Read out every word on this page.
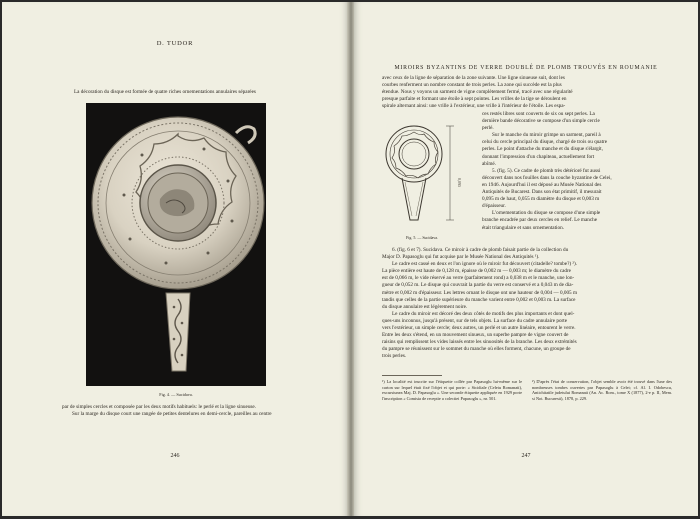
D. TUDOR
La décoration du disque est formée de quatre riches ornementations annulaires séparées
Fig. 4. — Sucidava.

par de simples cercles et composée par les deux motifs habituels: le perlé et la ligne sinueuse.

Sur la marge du disque court une rangée de petites dentelures en demi-cercle, pareilles au centre

246
MIROIRS BYZANTINS DE VERRE DOUBLÉ DE PLOMB TROUVÉS EN ROUMANIE

avec ceux de la ligne de séparation de la zone suivante. Une ligne sinueuse suit, dont les

courbes renferment un nombre constant de trois perles. La zone qui succède est la plus

étendue. Nous y voyons un sarment de vigne complètement fermé, tracé avec une régularité

presque parfaite et formant une étoile à sept pointes. Les vrilles de la tige se déroulent en

spirale alternant ainsi: une vrille à l'extérieur, une vrille à l'intérieur de l'étoile. Les espa-

ces restés libres sont couverts de six ou sept perles. La

dernière bande décorative se compose d'un simple cercle

perlé.

Sur le manche du miroir grimpe un sarment, pareil à

celui du cercle principal du disque, chargé de trois ou quatre

perles. Le point d'attache du manche et du disque s'élargit,

donnant l'impression d'un chapiteau, actuellement fort

abîmé.

5. (fig. 5). Ce cadre de plomb très détérioré fut aussi

découvert dans nos fouilles dans la couche byzantine de Celei,

en 1946. Aujourd'hui il est déposé au Musée National des

Antiquités de Bucarest. Dans son état primitif, il mesurait

0,095 m de haut, 0,055 m diamètre du disque et 0,003 m

d'épaisseur.

L'ornementation du disque se compose d'une simple

branche encadrée par deux cercles en relief. Le manche

était triangulaire et sans ornementation.

0,095
Fig. 5. — Sucidava.

6. (fig. 6 et 7). Sucidava. Ce miroir à cadre de plomb faisait partie de la collection du

Major D. Papasoglu qui fut acquise par le Musée National des Antiquités ¹).

Le cadre est cassé en deux et l'on ignore où le miroir fut découvert (citadelle? tombe?) ²).

La pièce entière est haute de 0,128 m, épaisse de 0,002 m — 0,003 m; le diamètre du cadre

est de 0,066 m, le vide réservé au verre (parfaitement rond) a 0,038 m et le manche, une lon-

gueur de 0,052 m. Le disque qui couvrait la partie du verre est conservé et a 0,043 m de dia-

mètre et 0,002 m d'épaisseur. Les lettres ornant le disque ont une hauteur de 0,004 — 0,005 m

tandis que celles de la partie supérieure du manche varient entre 0,002 et 0,003 m. La surface

du disque annulaire est légèrement noire.

Le cadre du miroir est décoré des deux côtés de motifs des plus importants et dont quel-

ques-uns inconnus, jusqu'à présent, sur de tels objets. La surface du cadre annulaire porte

vers l'extérieur, un simple cercle; deux autres, un perlé et un autre linéaire, entourent le verre.

Entre les deux s'étend, en un mouvement sinueux, un superbe pampre de vigne couvert de

raisins qui remplissent les vides laissés entre les sinuosités de la branche. Les deux extrémités

du pampre se réunissent sur le sommet du manche où elles forment, chacune, un groupe de

trois perles.

¹) La localité est inscrite sur l'étiquette collée par Papasoglu lui-même sur le carton sur lequel était fixé l'objet et qui porte: « Sicidiale (Celeiu Romanati), excursiunea Maj. D. Papasoglu ». Une seconde étiquette appliquée en 1929 porte l'inscription « Comisia de receptie a colectiei Papasoglu », nr. 501.

²) D'après l'état de conservation, l'objet semble avoir été trouvé dans l'une des nombreuses tombes ouvertes par Papasoglu à Celei; cf. Al. I. Odobescu, Antichitatile judetului Romanati (An. Ac. Rom., tome X (1877), 2-e p. II, Mem. si Not. Bucuresti), 1878, p. 229.

247
